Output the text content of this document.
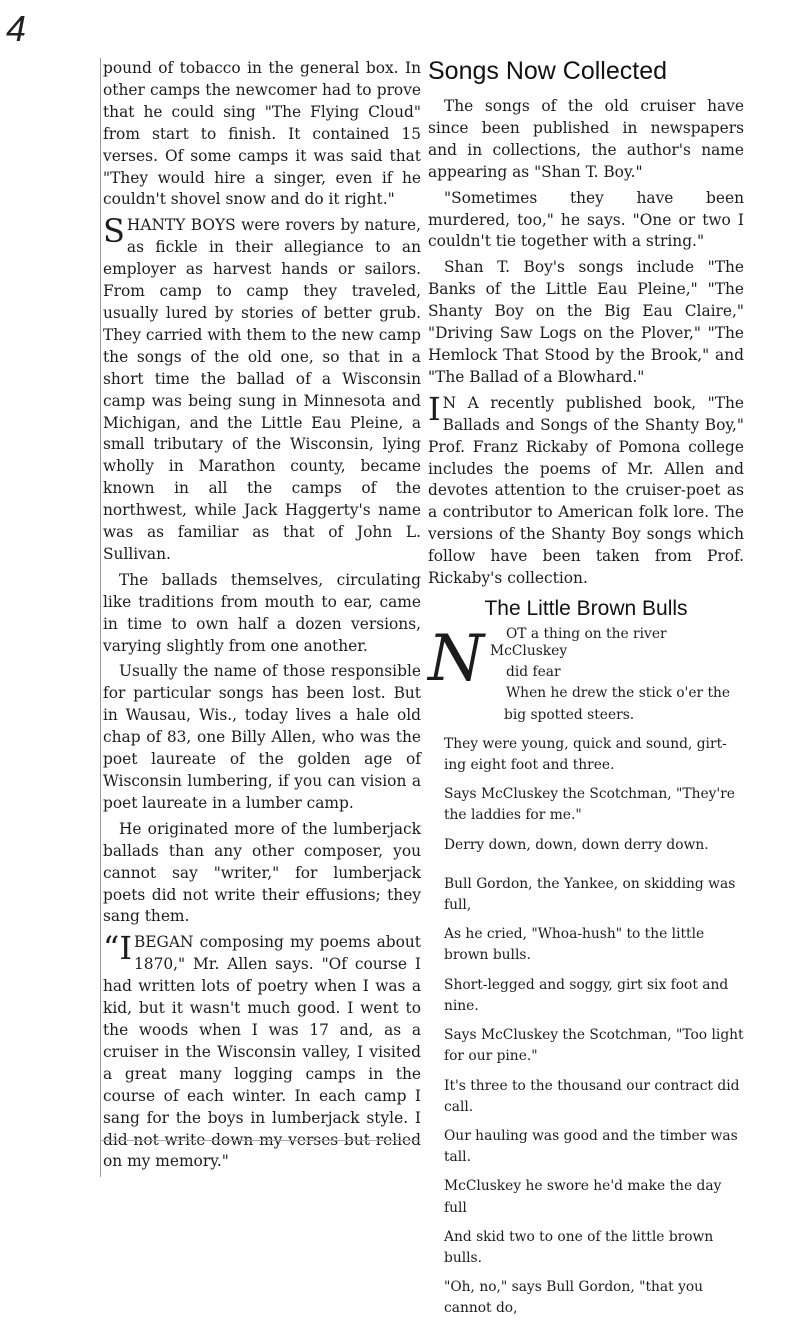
4

pound of tobacco in the general box. In other camps the newcomer had to prove that he could sing "The Flying Cloud" from start to finish. It contained 15 verses. Of some camps it was said that "They would hire a singer, even if he couldn't shovel snow and do it right."

SHANTY BOYS were rovers by nature, as fickle in their allegiance to an employer as harvest hands or sailors. From camp to camp they traveled, usually lured by stories of better grub. They carried with them to the new camp the songs of the old one, so that in a short time the ballad of a Wisconsin camp was being sung in Minnesota and Michigan, and the Little Eau Pleine, a small tributary of the Wisconsin, lying wholly in Marathon county, became known in all the camps of the northwest, while Jack Haggerty's name was as familiar as that of John L. Sullivan.

The ballads themselves, circulating like traditions from mouth to ear, came in time to own half a dozen versions, varying slightly from one another.

Usually the name of those responsible for particular songs has been lost. But in Wausau, Wis., today lives a hale old chap of 83, one Billy Allen, who was the poet laureate of the golden age of Wisconsin lumbering, if you can vision a poet laureate in a lumber camp.

He originated more of the lumberjack ballads than any other composer, you cannot say "writer," for lumberjack poets did not write their effusions; they sang them.

“IBEGAN composing my poems about 1870," Mr. Allen says. "Of course I had written lots of poetry when I was a kid, but it wasn't much good. I went to the woods when I was 17 and, as a cruiser in the Wisconsin valley, I visited a great many logging camps in the course of each winter. In each camp I sang for the boys in lumberjack style. I did not write down my verses but relied on my memory."

Songs Now Collected

The songs of the old cruiser have since been published in newspapers and in collections, the author's name appearing as "Shan T. Boy."

"Sometimes they have been murdered, too," he says. "One or two I couldn't tie together with a string."

Shan T. Boy's songs include "The Banks of the Little Eau Pleine," "The Shanty Boy on the Big Eau Claire," "Driving Saw Logs on the Plover," "The Hemlock That Stood by the Brook," and "The Ballad of a Blowhard."

I N A recently published book, "The Ballads and Songs of the Shanty Boy," Prof. Franz Rickaby of Pomona college includes the poems of Mr. Allen and devotes attention to the cruiser-poet as a contributor to American folk lore. The versions of the Shanty Boy songs which follow have been taken from Prof. Rickaby's collection.

The Little Brown Bulls
N	OT a thing on the river McCluskey

did fear

When he drew the stick o'er the

big spotted steers.

They were young, quick and sound, girt-

ing eight foot and three.

Says McCluskey the Scotchman, "They're

the laddies for me."

Derry down, down, down derry down.

Bull Gordon, the Yankee, on skidding was

full,

As he cried, "Whoa-hush" to the little

brown bulls.

Short-legged and soggy, girt six foot and

nine.

Says McCluskey the Scotchman, "Too light

for our pine."

It's three to the thousand our contract did

call.

Our hauling was good and the timber was

tall.

McCluskey he swore he'd make the day

full

And skid two to one of the little brown

bulls.

"Oh, no," says Bull Gordon, "that you

cannot do,
